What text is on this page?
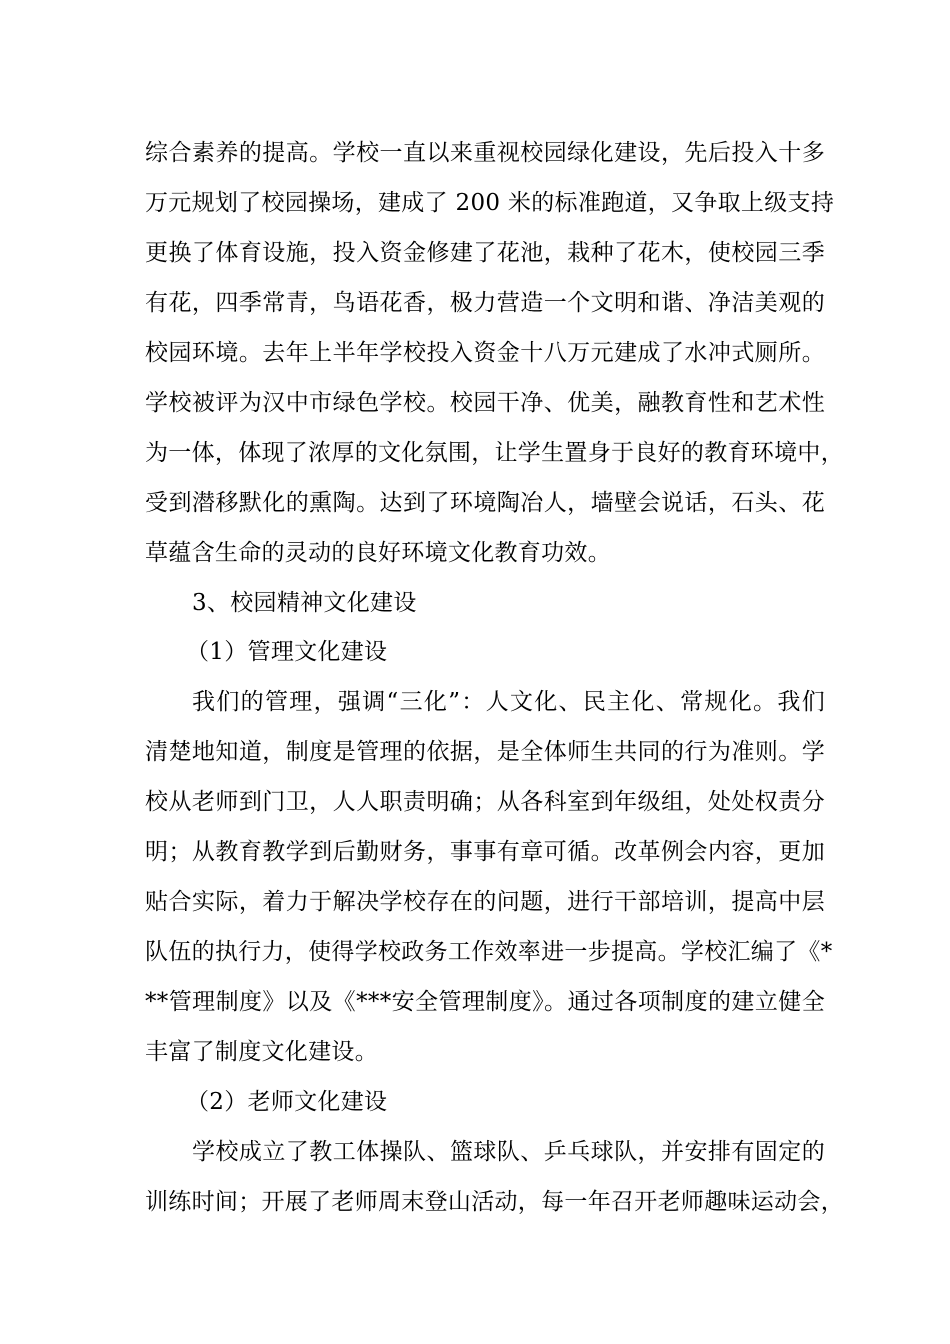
综合素养的提高。学校一直以来重视校园绿化建设，先后投入十多
万元规划了校园操场，建成了 200 米的标准跑道，又争取上级支持
更换了体育设施，投入资金修建了花池，栽种了花木，使校园三季
有花，四季常青，鸟语花香，极力营造一个文明和谐、净洁美观的
校园环境。去年上半年学校投入资金十八万元建成了水冲式厕所。
学校被评为汉中市绿色学校。校园干净、优美，融教育性和艺术性
为一体，体现了浓厚的文化氛围，让学生置身于良好的教育环境中，
受到潜移默化的熏陶。达到了环境陶冶人，墙壁会说话，石头、花
草蕴含生命的灵动的良好环境文化教育功效。
3、校园精神文化建设
（1）管理文化建设
我们的管理，强调“三化”：人文化、民主化、常规化。我们
清楚地知道，制度是管理的依据，是全体师生共同的行为准则。学
校从老师到门卫，人人职责明确；从各科室到年级组，处处权责分
明；从教育教学到后勤财务，事事有章可循。改革例会内容，更加
贴合实际，着力于解决学校存在的问题，进行干部培训，提高中层
队伍的执行力，使得学校政务工作效率进一步提高。学校汇编了《*
**管理制度》以及《***安全管理制度》。通过各项制度的建立健全
丰富了制度文化建设。
（2）老师文化建设
学校成立了教工体操队、篮球队、乒乓球队，并安排有固定的
训练时间；开展了老师周末登山活动，每一年召开老师趣味运动会，
